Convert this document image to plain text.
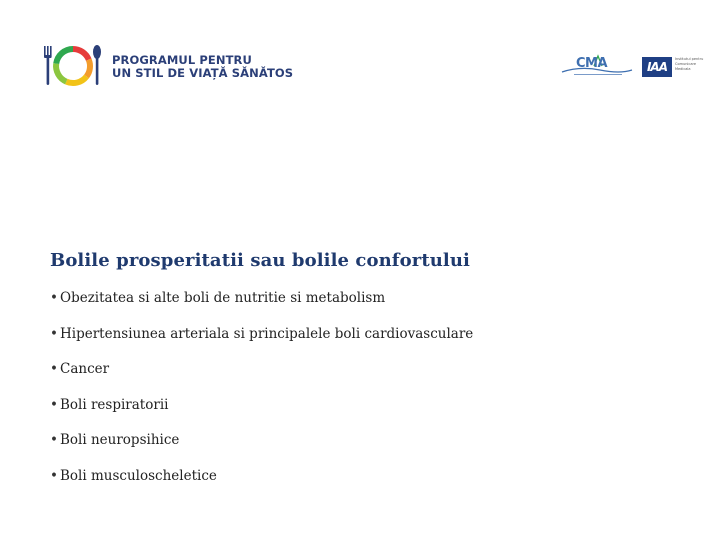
PROGRAMUL PENTRU
UN STIL DE VIAȚĂ SĂNĂTOS
CMA	IAA
Institutul pentru Comunicare Medicala
Bolile prosperitatii sau bolile confortului
• Obezitatea si alte boli de nutritie si metabolism
• Hipertensiunea arteriala si principalele boli cardiovasculare
• Cancer
• Boli respiratorii
• Boli neuropsihice
• Boli musculoscheletice
